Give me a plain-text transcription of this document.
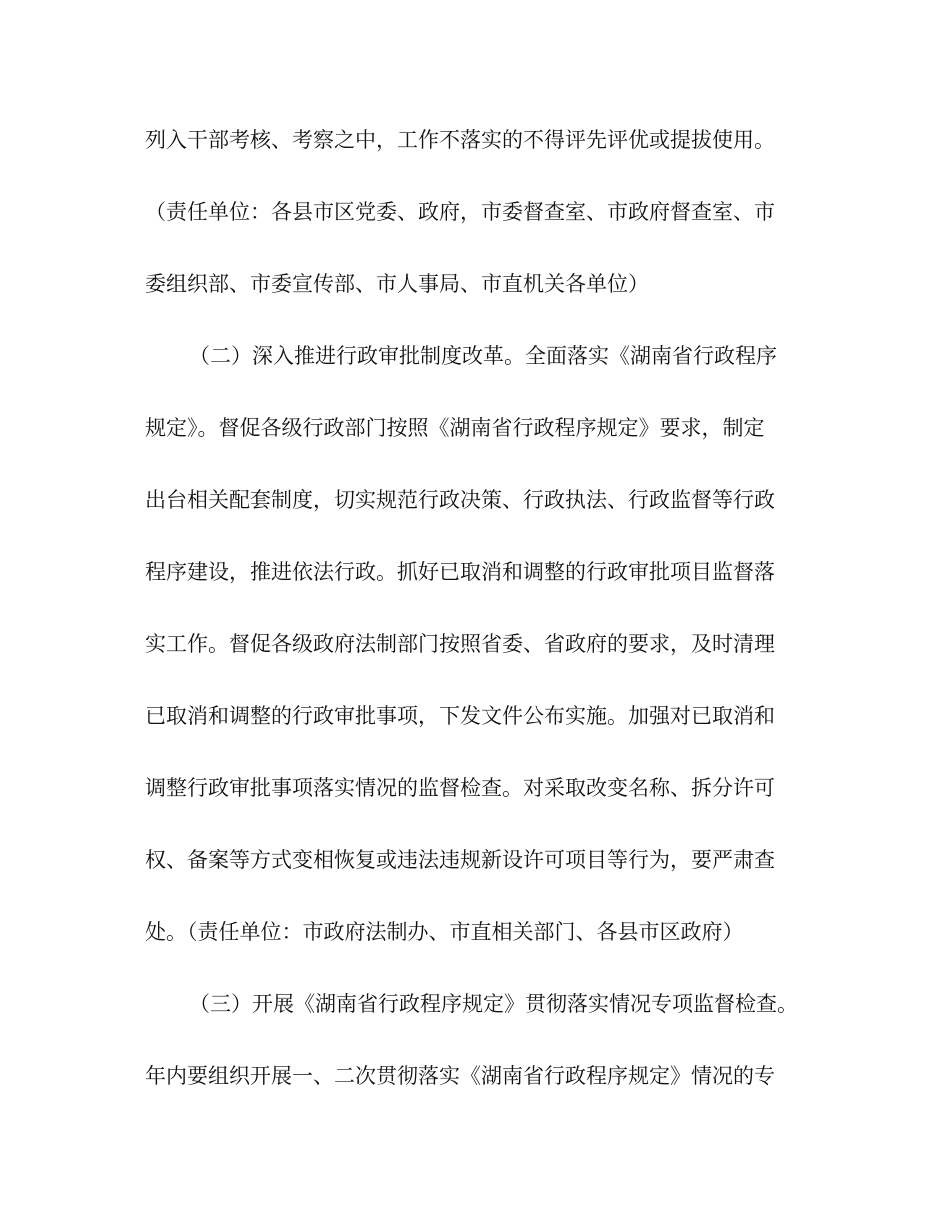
列入干部考核、考察之中，工作不落实的不得评先评优或提拔使用。
（责任单位：各县市区党委、政府，市委督查室、市政府督查室、市
委组织部、市委宣传部、市人事局、市直机关各单位）
（二）深入推进行政审批制度改革。全面落实《湖南省行政程序
规定》。督促各级行政部门按照《湖南省行政程序规定》要求，制定
出台相关配套制度，切实规范行政决策、行政执法、行政监督等行政
程序建设，推进依法行政。抓好已取消和调整的行政审批项目监督落
实工作。督促各级政府法制部门按照省委、省政府的要求，及时清理
已取消和调整的行政审批事项，下发文件公布实施。加强对已取消和
调整行政审批事项落实情况的监督检查。对采取改变名称、拆分许可
权、备案等方式变相恢复或违法违规新设许可项目等行为，要严肃查
处。（责任单位：市政府法制办、市直相关部门、各县市区政府）
（三）开展《湖南省行政程序规定》贯彻落实情况专项监督检查。
年内要组织开展一、二次贯彻落实《湖南省行政程序规定》情况的专
